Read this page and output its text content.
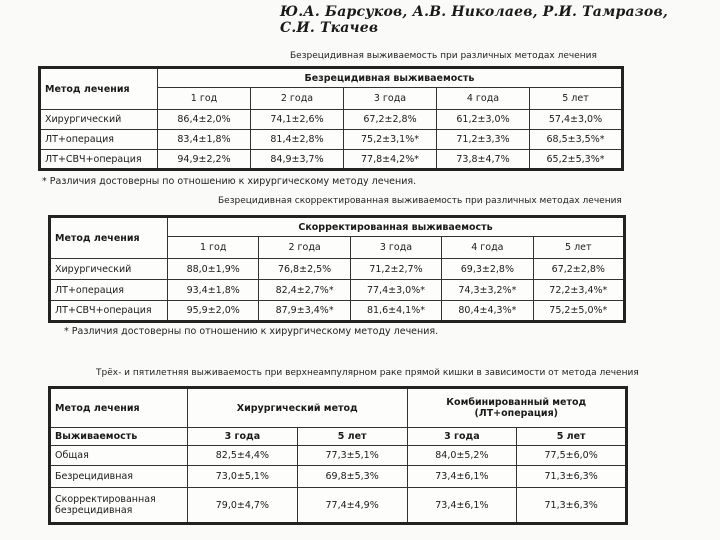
Ю.А. Барсуков, А.В. Николаев, Р.И. Тамразов, С.И. Ткачев
Безрецидивная выживаемость при различных методах лечения
Метод лечения	Безрецидивная выживаемость				
	1 год	2 года	3 года	4 года	5 лет
Хирургический	86,4±2,0%	74,1±2,6%	67,2±2,8%	61,2±3,0%	57,4±3,0%
ЛТ+операция	83,4±1,8%	81,4±2,8%	75,2±3,1%*	71,2±3,3%	68,5±3,5%*
ЛТ+СВЧ+операция	94,9±2,2%	84,9±3,7%	77,8±4,2%*	73,8±4,7%	65,2±5,3%*
* Различия достоверны по отношению к хирургическому методу лечения.
Безрецидивная скорректированная выживаемость при различных методах лечения
Метод лечения	Скорректированная выживаемость				
	1 год	2 года	3 года	4 года	5 лет
Хирургический	88,0±1,9%	76,8±2,5%	71,2±2,7%	69,3±2,8%	67,2±2,8%
ЛТ+операция	93,4±1,8%	82,4±2,7%*	77,4±3,0%*	74,3±3,2%*	72,2±3,4%*
ЛТ+СВЧ+операция	95,9±2,0%	87,9±3,4%*	81,6±4,1%*	80,4±4,3%*	75,2±5,0%*
* Различия достоверны по отношению к хирургическому методу лечения.
Трёх- и пятилетняя выживаемость при верхнеампулярном раке прямой кишки в зависимости от метода лечения
Метод лечения	Хирургический метод		Комбинированный метод
(ЛТ+операция)	

Выживаемость	3 года	5 лет	3 года	5 лет
Общая	82,5±4,4%	77,3±5,1%	84,0±5,2%	77,5±6,0%
Безрецидивная	73,0±5,1%	69,8±5,3%	73,4±6,1%	71,3±6,3%
Скорректированная безрецидивная	79,0±4,7%	77,4±4,9%	73,4±6,1%	71,3±6,3%
